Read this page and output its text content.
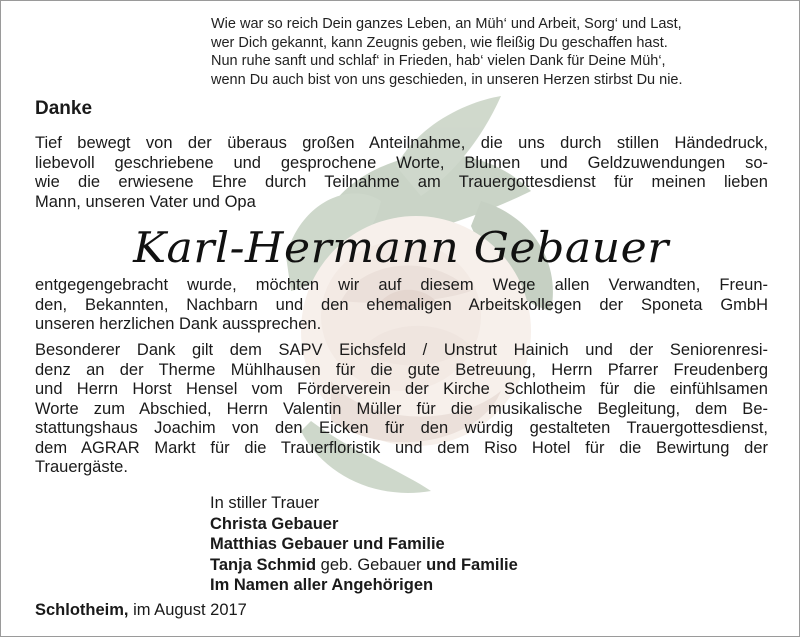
Wie war so reich Dein ganzes Leben, an Müh‘ und Arbeit, Sorg‘ und Last,
wer Dich gekannt, kann Zeugnis geben, wie fleißig Du geschaffen hast.
Nun ruhe sanft und schlaf‘ in Frieden, hab‘ vielen Dank für Deine Müh‘,
wenn Du auch bist von uns geschieden, in unseren Herzen stirbst Du nie.
Danke
Tief bewegt von der überaus großen Anteilnahme, die uns durch stillen Händedruck,
liebevoll geschriebene und gesprochene Worte, Blumen und Geldzuwendungen so-
wie die erwiesene Ehre durch Teilnahme am Trauergottesdienst für meinen lieben
Mann, unseren Vater und Opa
Karl-Hermann Gebauer
entgegengebracht wurde, möchten wir auf diesem Wege allen Verwandten, Freun-
den, Bekannten, Nachbarn und den ehemaligen Arbeitskollegen der Sponeta GmbH
unseren herzlichen Dank aussprechen.
Besonderer Dank gilt dem SAPV Eichsfeld / Unstrut Hainich und der Seniorenresi-
denz an der Therme Mühlhausen für die gute Betreuung, Herrn Pfarrer Freudenberg
und Herrn Horst Hensel vom Förderverein der Kirche Schlotheim für die einfühlsamen
Worte zum Abschied, Herrn Valentin Müller für die musikalische Begleitung, dem Be-
stattungshaus Joachim von den Eicken für den würdig gestalteten Trauergottesdienst,
dem AGRAR Markt für die Trauerfloristik und dem Riso Hotel für die Bewirtung der
Trauergäste.
In stiller Trauer
Christa Gebauer
Matthias Gebauer und Familie
Tanja Schmid geb. Gebauer und Familie
Im Namen aller Angehörigen
Schlotheim, im August 2017
